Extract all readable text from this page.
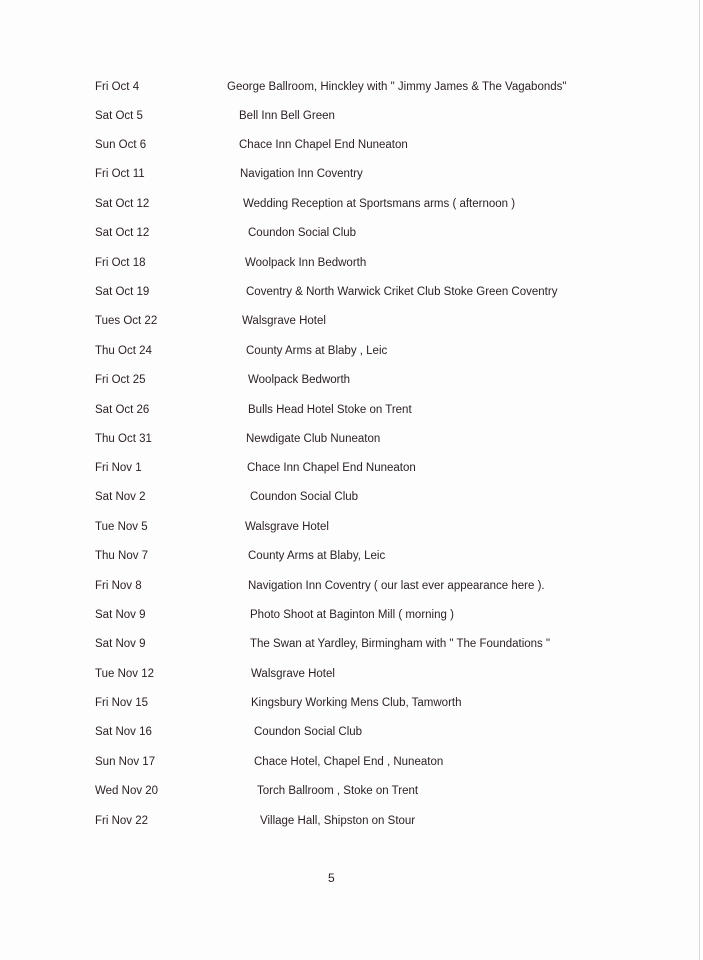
Fri Oct 4	George Ballroom, Hinckley with " Jimmy James & The Vagabonds"
Sat Oct 5	Bell Inn Bell Green
Sun Oct 6	Chace Inn Chapel End Nuneaton
Fri Oct 11	Navigation Inn Coventry
Sat Oct 12	Wedding Reception at Sportsmans arms ( afternoon )
Sat Oct 12	Coundon Social Club
Fri Oct 18	Woolpack Inn Bedworth
Sat Oct 19	Coventry & North Warwick Criket Club Stoke Green Coventry
Tues Oct 22	Walsgrave Hotel
Thu Oct 24	County Arms at Blaby , Leic
Fri Oct 25	Woolpack Bedworth
Sat Oct 26	Bulls Head Hotel Stoke on Trent
Thu Oct 31	Newdigate Club Nuneaton
Fri Nov 1	Chace Inn Chapel End Nuneaton
Sat Nov 2	Coundon Social Club
Tue Nov 5	Walsgrave Hotel
Thu Nov 7	County Arms at Blaby, Leic
Fri Nov 8	Navigation Inn Coventry ( our last ever appearance here ).
Sat Nov 9	Photo Shoot at Baginton Mill ( morning )
Sat Nov 9	The Swan at Yardley, Birmingham with " The Foundations "
Tue Nov 12	Walsgrave Hotel
Fri Nov 15	Kingsbury Working Mens Club, Tamworth
Sat Nov 16	Coundon Social Club
Sun Nov 17	Chace Hotel, Chapel End , Nuneaton
Wed Nov 20	Torch Ballroom , Stoke on Trent
Fri Nov 22	Village Hall, Shipston on Stour
5
